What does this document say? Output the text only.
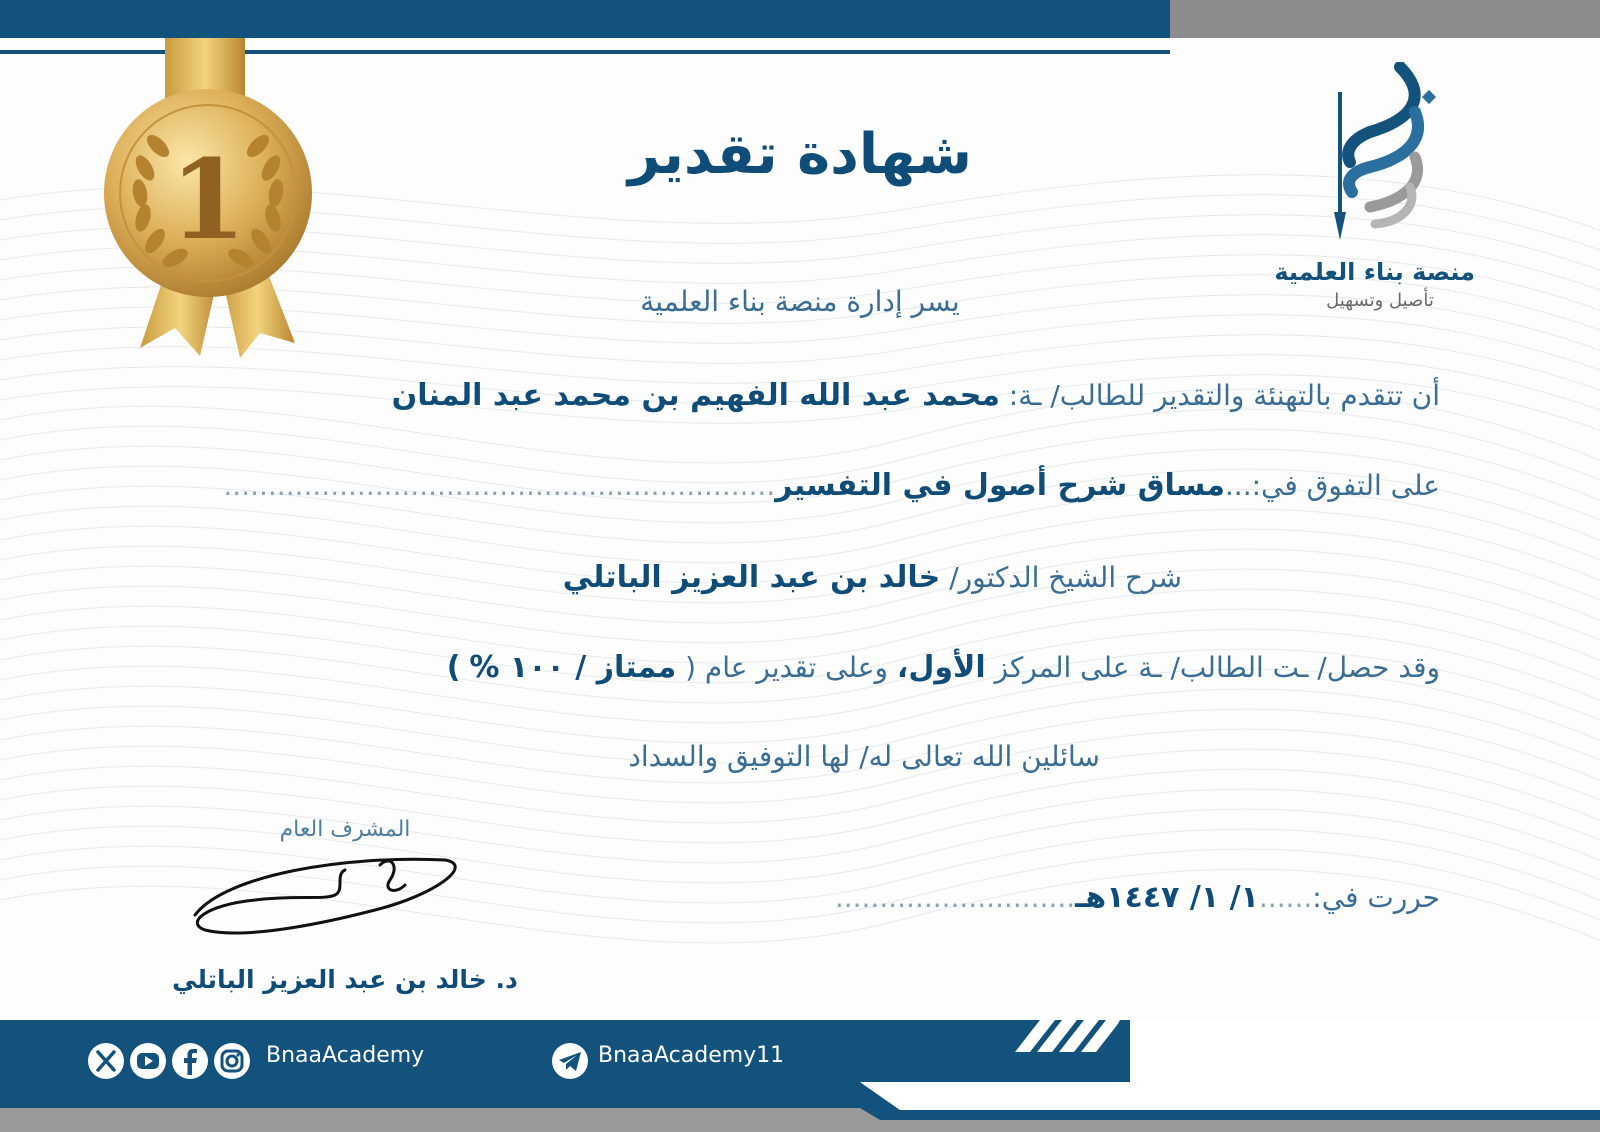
1
منصة بناء العلمية
تأصيل وتسهيل
شهادة تقدير
يسر إدارة منصة بناء العلمية
أن تتقدم بالتهنئة والتقدير للطالب/ ـة: محمد عبد الله الفهيم بن محمد عبد المنان
على التفوق في:...مساق شرح أصول في التفسير..............................................................
شرح الشيخ الدكتور/ خالد بن عبد العزيز الباتلي
وقد حصل/ ـت الطالب/ ـة على المركز الأول، وعلى تقدير عام ( ممتاز / ١٠٠ % )
سائلين الله تعالى له/ لها التوفيق والسداد
حررت في:......١/ ١/ ١٤٤٧هـ...........................
المشرف العام
د. خالد بن عبد العزيز الباتلي
BnaaAcademy	BnaaAcademy11
